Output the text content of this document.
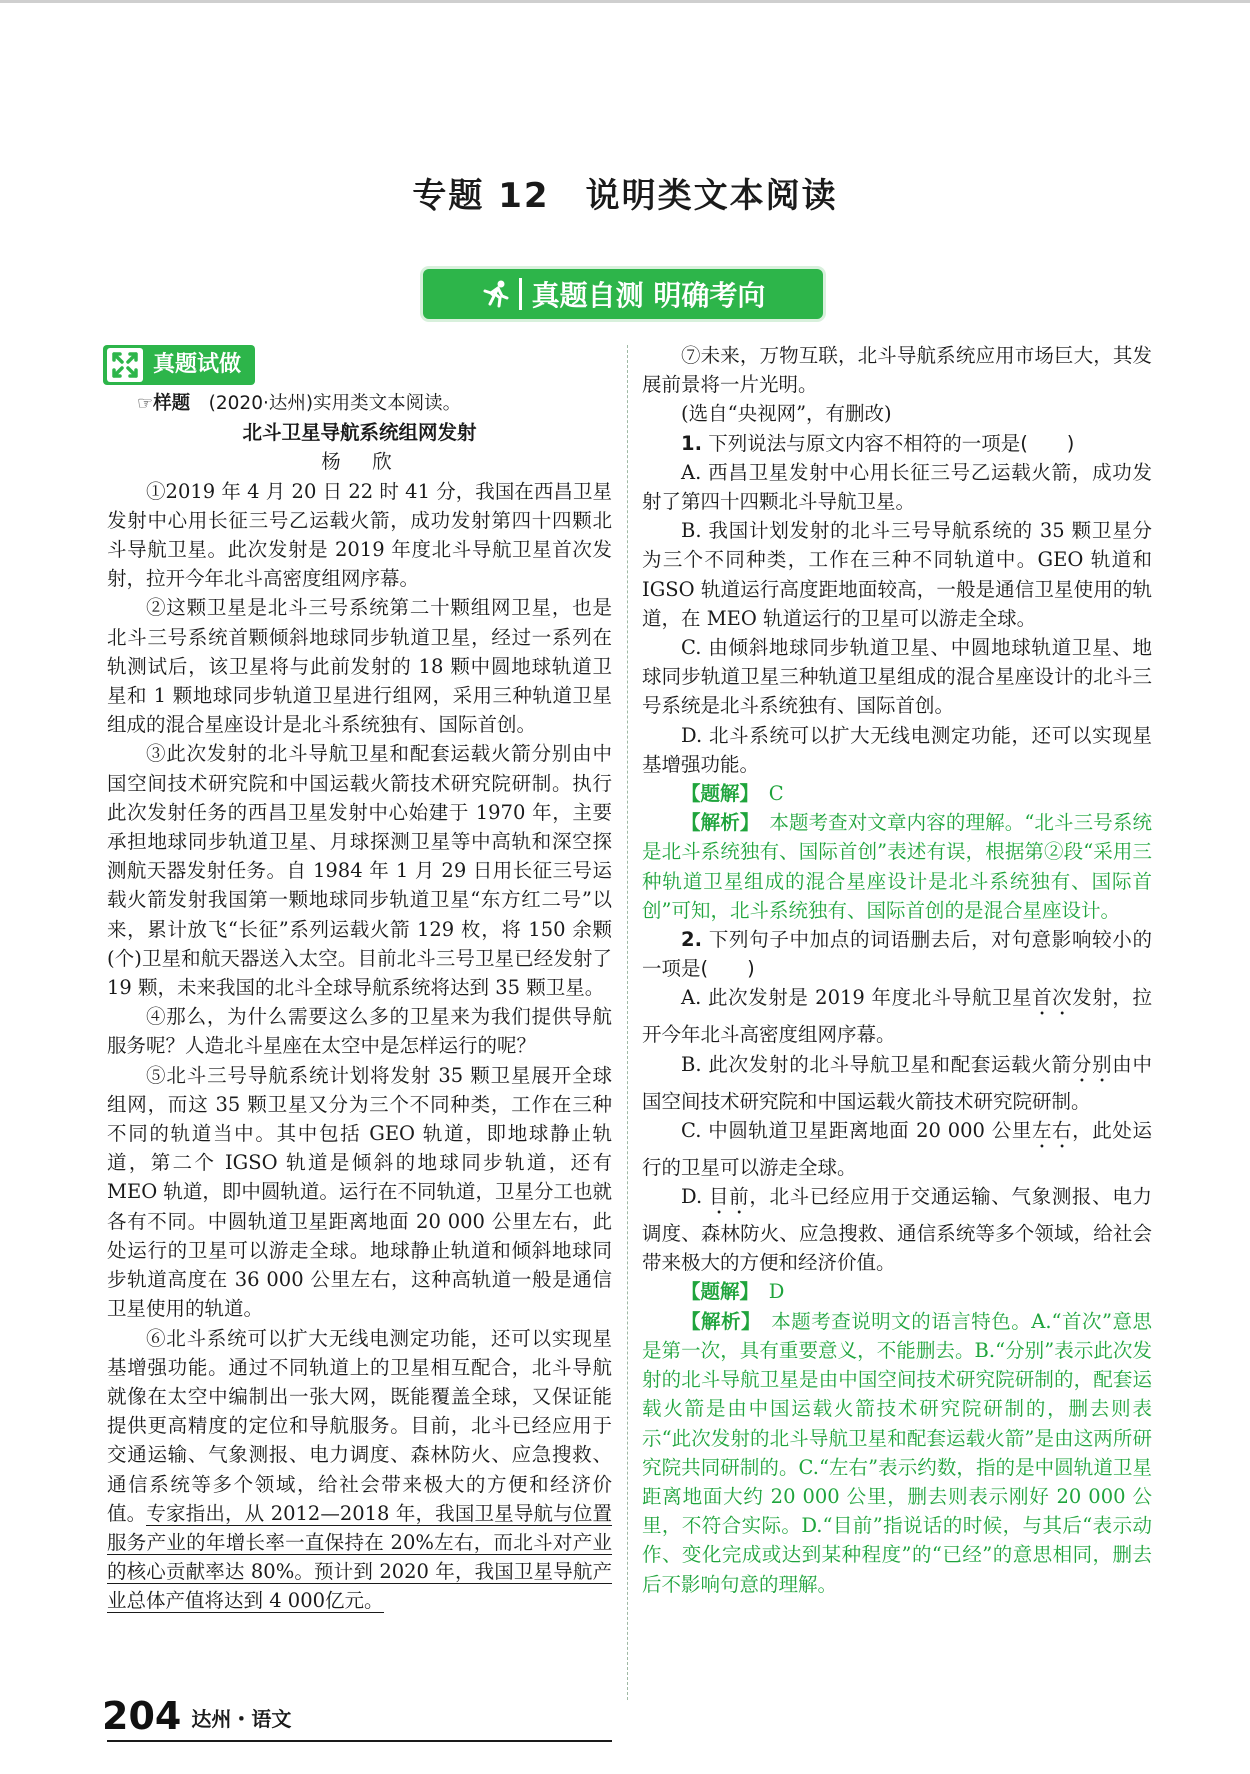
专题 12　说明类文本阅读
真题自测 明确考向
真题试做
☞样题　 (2020·达州)实用类文本阅读。
北斗卫星导航系统组网发射
杨　欣

①2019 年 4 月 20 日 22 时 41 分，我国在西昌卫星发射中心用长征三号乙运载火箭，成功发射第四十四颗北斗导航卫星。此次发射是 2019 年度北斗导航卫星首次发射，拉开今年北斗高密度组网序幕。

②这颗卫星是北斗三号系统第二十颗组网卫星，也是北斗三号系统首颗倾斜地球同步轨道卫星，经过一系列在轨测试后，该卫星将与此前发射的 18 颗中圆地球轨道卫星和 1 颗地球同步轨道卫星进行组网，采用三种轨道卫星组成的混合星座设计是北斗系统独有、国际首创。

③此次发射的北斗导航卫星和配套运载火箭分别由中国空间技术研究院和中国运载火箭技术研究院研制。执行此次发射任务的西昌卫星发射中心始建于 1970 年，主要承担地球同步轨道卫星、月球探测卫星等中高轨和深空探测航天器发射任务。自 1984 年 1 月 29 日用长征三号运载火箭发射我国第一颗地球同步轨道卫星“东方红二号”以来，累计放飞“长征”系列运载火箭 129 枚，将 150 余颗(个)卫星和航天器送入太空。目前北斗三号卫星已经发射了 19 颗，未来我国的北斗全球导航系统将达到 35 颗卫星。

④那么，为什么需要这么多的卫星来为我们提供导航服务呢？人造北斗星座在太空中是怎样运行的呢？

⑤北斗三号导航系统计划将发射 35 颗卫星展开全球组网，而这 35 颗卫星又分为三个不同种类，工作在三种不同的轨道当中。其中包括 GEO 轨道，即地球静止轨道，第二个 IGSO 轨道是倾斜的地球同步轨道，还有 MEO 轨道，即中圆轨道。运行在不同轨道，卫星分工也就各有不同。中圆轨道卫星距离地面 20 000 公里左右，此处运行的卫星可以游走全球。地球静止轨道和倾斜地球同步轨道高度在 36 000 公里左右，这种高轨道一般是通信卫星使用的轨道。

⑥北斗系统可以扩大无线电测定功能，还可以实现星基增强功能。通过不同轨道上的卫星相互配合，北斗导航就像在太空中编制出一张大网，既能覆盖全球，又保证能提供更高精度的定位和导航服务。目前，北斗已经应用于交通运输、气象测报、电力调度、森林防火、应急搜救、通信系统等多个领域，给社会带来极大的方便和经济价值。专家指出，从 2012—2018 年，我国卫星导航与位置服务产业的年增长率一直保持在 20%左右，而北斗对产业的核心贡献率达 80%。预计到 2020 年，我国卫星导航产业总体产值将达到 4 000亿元。

⑦未来，万物互联，北斗导航系统应用市场巨大，其发展前景将一片光明。

(选自“央视网”，有删改)

1. 下列说法与原文内容不相符的一项是(　　)

A. 西昌卫星发射中心用长征三号乙运载火箭，成功发射了第四十四颗北斗导航卫星。

B. 我国计划发射的北斗三号导航系统的 35 颗卫星分为三个不同种类，工作在三种不同轨道中。GEO 轨道和 IGSO 轨道运行高度距地面较高，一般是通信卫星使用的轨道，在 MEO 轨道运行的卫星可以游走全球。

C. 由倾斜地球同步轨道卫星、中圆地球轨道卫星、地球同步轨道卫星三种轨道卫星组成的混合星座设计的北斗三号系统是北斗系统独有、国际首创。

D. 北斗系统可以扩大无线电测定功能，还可以实现星基增强功能。

【题解】　 C

【解析】　 本题考查对文章内容的理解。“北斗三号系统是北斗系统独有、国际首创”表述有误，根据第②段“采用三种轨道卫星组成的混合星座设计是北斗系统独有、国际首创”可知，北斗系统独有、国际首创的是混合星座设计。

2. 下列句子中加点的词语删去后，对句意影响较小的一项是(　　)

A. 此次发射是 2019 年度北斗导航卫星首次发射，拉开今年北斗高密度组网序幕。

B. 此次发射的北斗导航卫星和配套运载火箭分别由中国空间技术研究院和中国运载火箭技术研究院研制。

C. 中圆轨道卫星距离地面 20 000 公里左右，此处运行的卫星可以游走全球。

D. 目前，北斗已经应用于交通运输、气象测报、电力调度、森林防火、应急搜救、通信系统等多个领域，给社会带来极大的方便和经济价值。

【题解】　 D

【解析】　 本题考查说明文的语言特色。A.“首次”意思是第一次，具有重要意义，不能删去。B.“分别”表示此次发射的北斗导航卫星是由中国空间技术研究院研制的，配套运载火箭是由中国运载火箭技术研究院研制的，删去则表示“此次发射的北斗导航卫星和配套运载火箭”是由这两所研究院共同研制的。C.“左右”表示约数，指的是中圆轨道卫星距离地面大约 20 000 公里，删去则表示刚好 20 000 公里，不符合实际。D.“目前”指说话的时候，与其后“表示动作、变化完成或达到某种程度”的“已经”的意思相同，删去后不影响句意的理解。

204 达州・语文
